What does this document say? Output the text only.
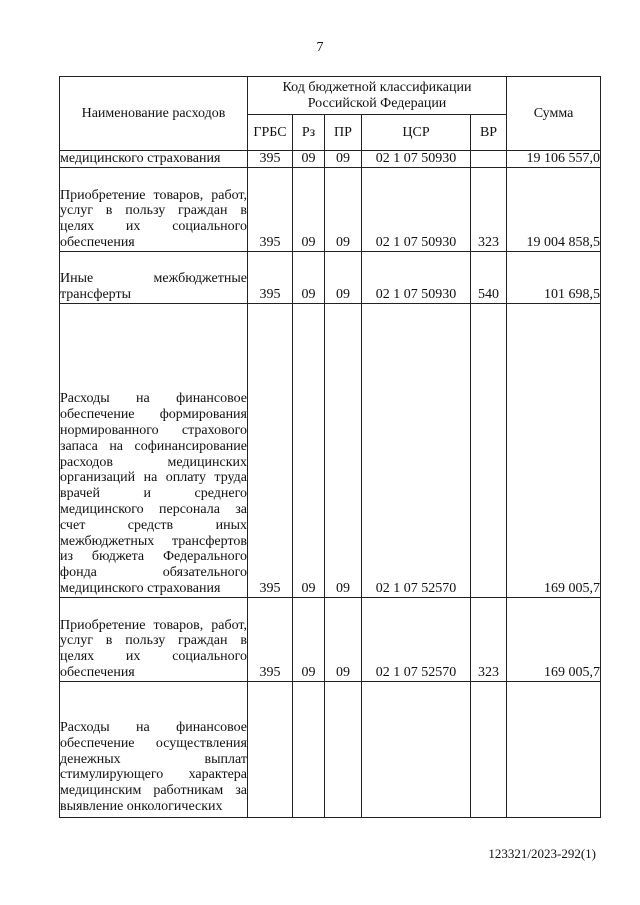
7
Наименование расходов	Код бюджетной классификации Российской Федерации					Сумма
	ГРБС	Рз	ПР	ЦСР	ВР	
медицинского страхования	395	09	09	02 1 07 50930		19 106 557,0
Приобретение товаров, работ, услуг в пользу граждан в целях их социального обеспечения	395	09	09	02 1 07 50930	323	19 004 858,5
Иные межбюджетные трансферты	395	09	09	02 1 07 50930	540	101 698,5
Расходы на финансовое обеспечение формирования нормированного страхового запаса на софинансирование расходов медицинских организаций на оплату труда врачей и среднего медицинского персонала за счет средств иных межбюджетных трансфертов из бюджета Федерального фонда обязательного медицинского страхования	395	09	09	02 1 07 52570		169 005,7
Приобретение товаров, работ, услуг в пользу граждан в целях их социального обеспечения	395	09	09	02 1 07 52570	323	169 005,7
Расходы на финансовое обеспечение осуществления денежных выплат стимулирующего характера медицинским работникам за выявление онкологических						
123321/2023-292(1)
